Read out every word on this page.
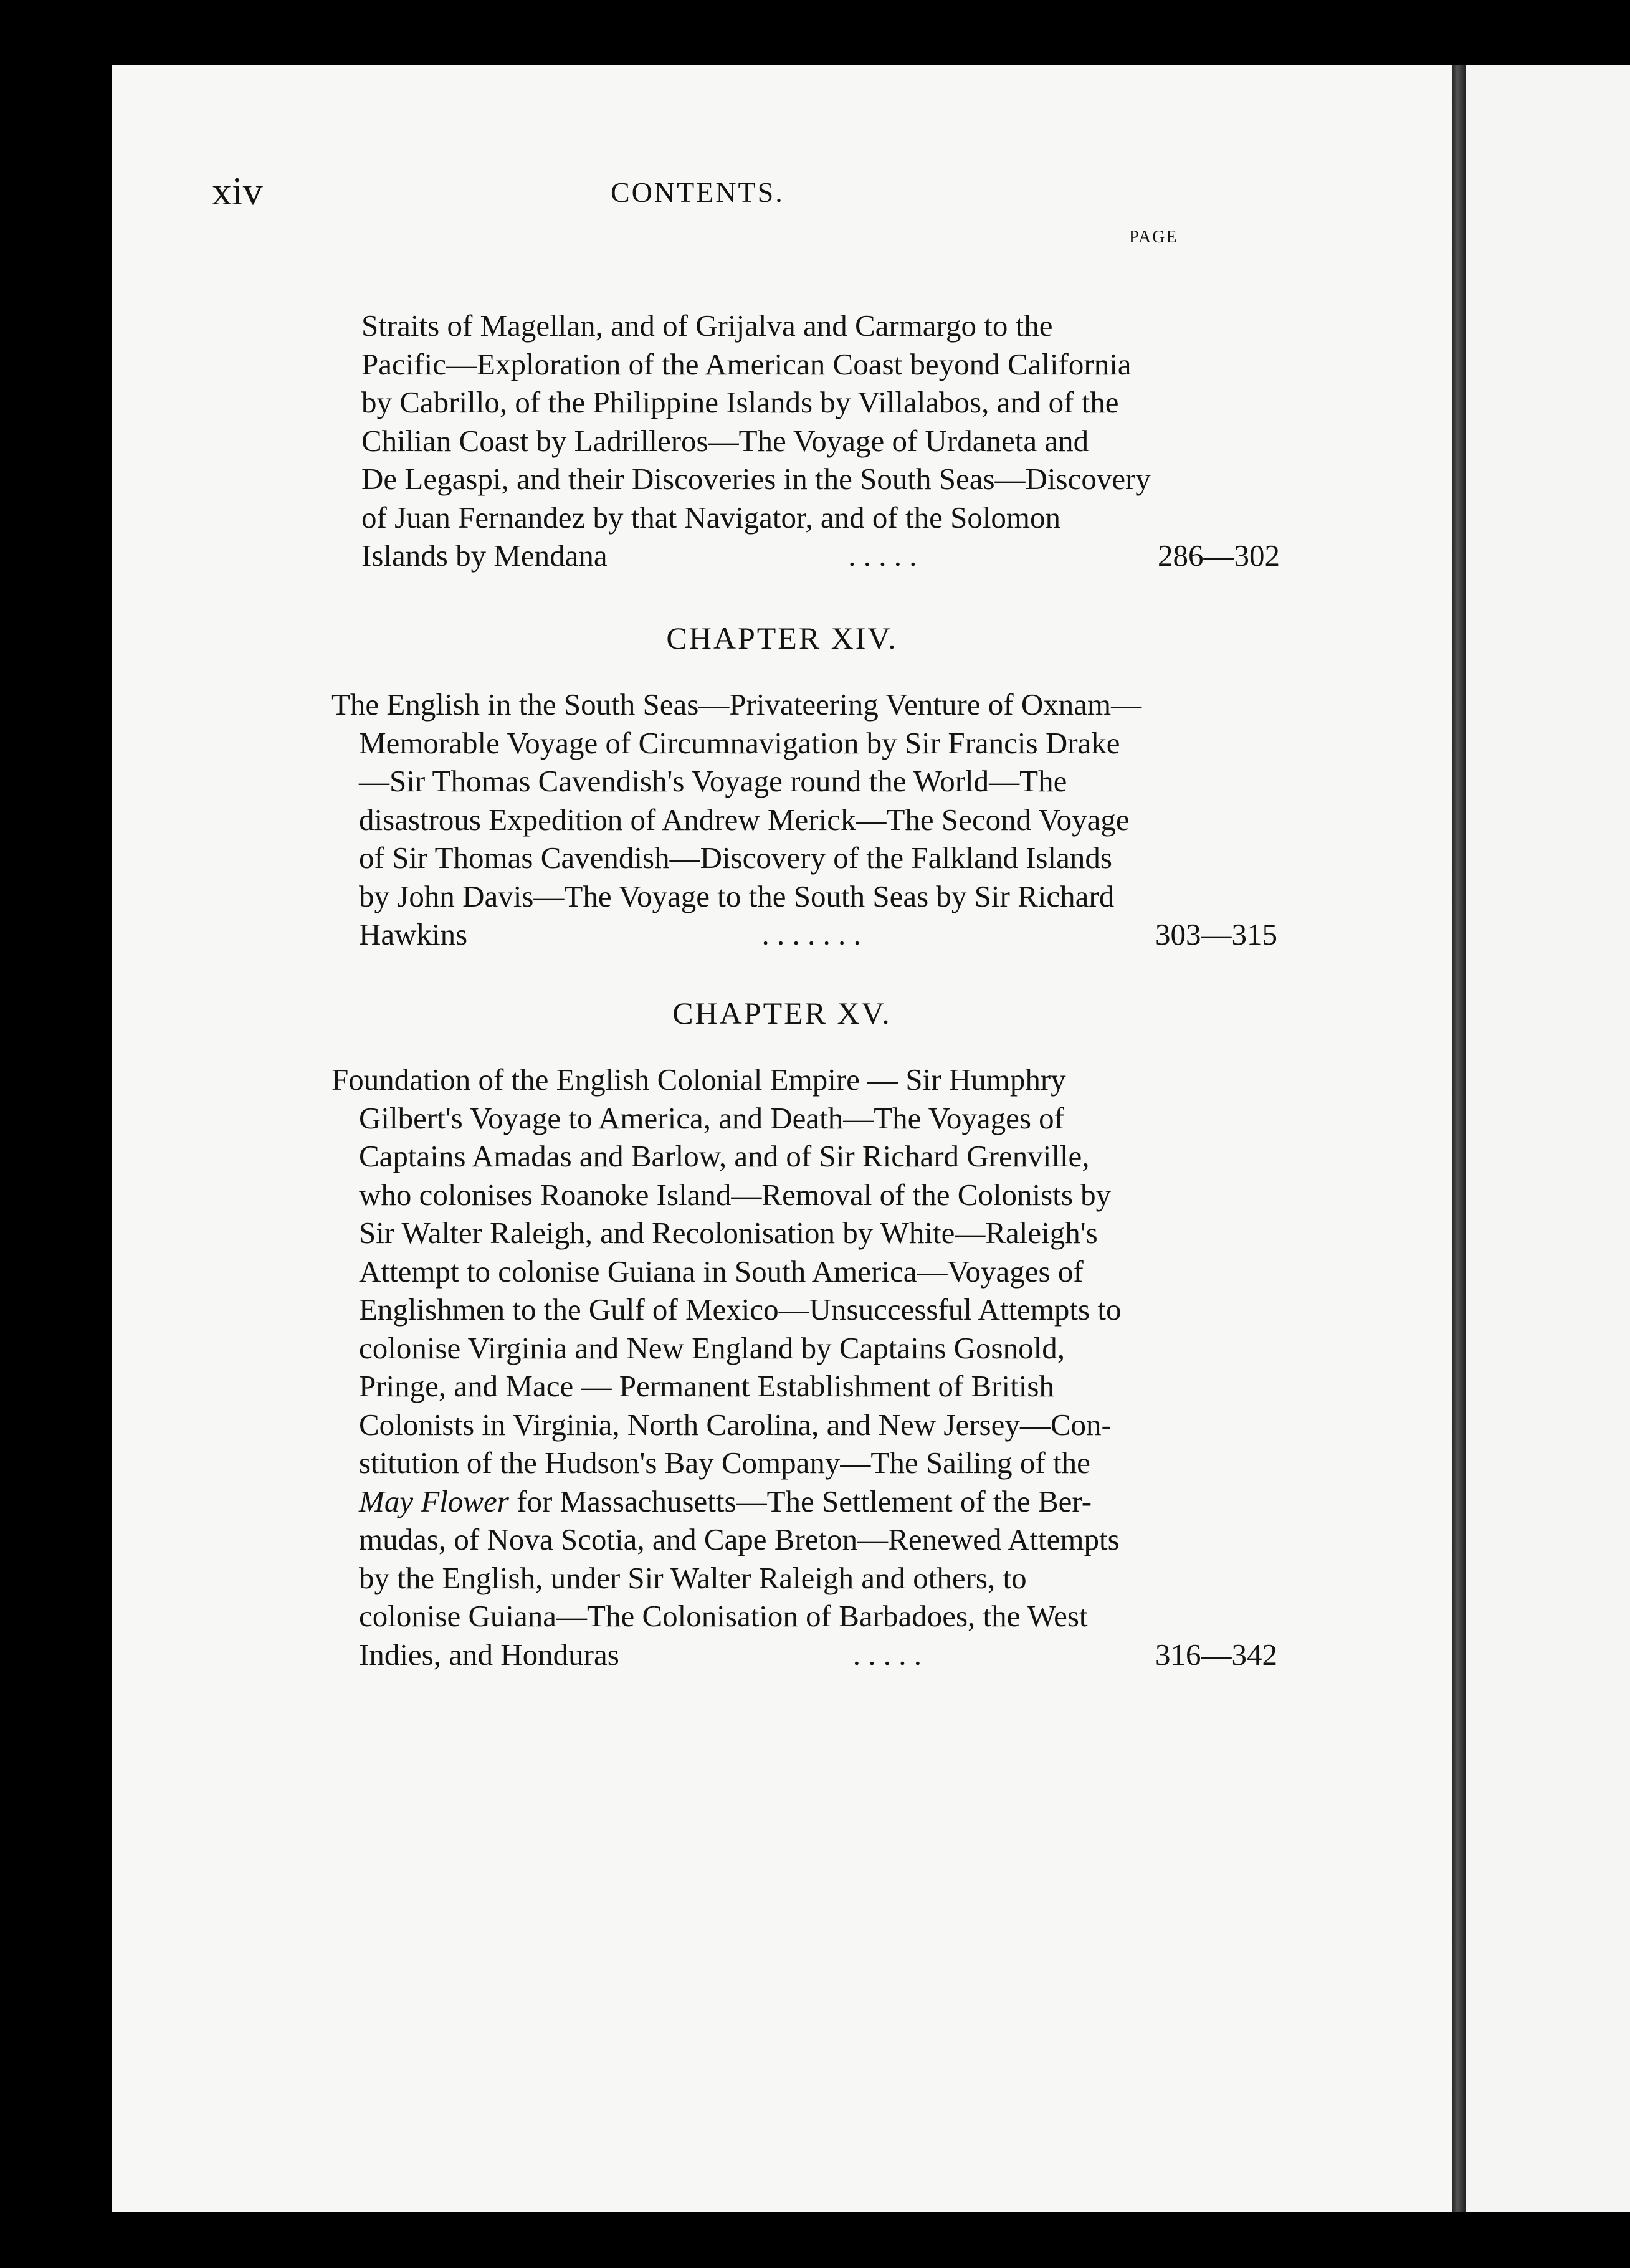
xiv	CONTENTS.
PAGE
Straits of Magellan, and of Grijalva and Carmargo to the
Pacific—Exploration of the American Coast beyond California
by Cabrillo, of the Philippine Islands by Villalabos, and of the
Chilian Coast by Ladrilleros—The Voyage of Urdaneta and
De Legaspi, and their Discoveries in the South Seas—Discovery
of Juan Fernandez by that Navigator, and of the Solomon
Islands by Mendana	. . . . .	286—302
CHAPTER XIV.
The English in the South Seas—Privateering Venture of Oxnam—
Memorable Voyage of Circumnavigation by Sir Francis Drake
—Sir Thomas Cavendish's Voyage round the World—The
disastrous Expedition of Andrew Merick—The Second Voyage
of Sir Thomas Cavendish—Discovery of the Falkland Islands
by John Davis—The Voyage to the South Seas by Sir Richard
Hawkins	. . . . . . .	303—315
CHAPTER XV.
Foundation of the English Colonial Empire — Sir Humphry
Gilbert's Voyage to America, and Death—The Voyages of
Captains Amadas and Barlow, and of Sir Richard Grenville,
who colonises Roanoke Island—Removal of the Colonists by
Sir Walter Raleigh, and Recolonisation by White—Raleigh's
Attempt to colonise Guiana in South America—Voyages of
Englishmen to the Gulf of Mexico—Unsuccessful Attempts to
colonise Virginia and New England by Captains Gosnold,
Pringe, and Mace — Permanent Establishment of British
Colonists in Virginia, North Carolina, and New Jersey—Con-
stitution of the Hudson's Bay Company—The Sailing of the
May Flower for Massachusetts—The Settlement of the Ber-
mudas, of Nova Scotia, and Cape Breton—Renewed Attempts
by the English, under Sir Walter Raleigh and others, to
colonise Guiana—The Colonisation of Barbadoes, the West
Indies, and Honduras	. . . . .	316—342
